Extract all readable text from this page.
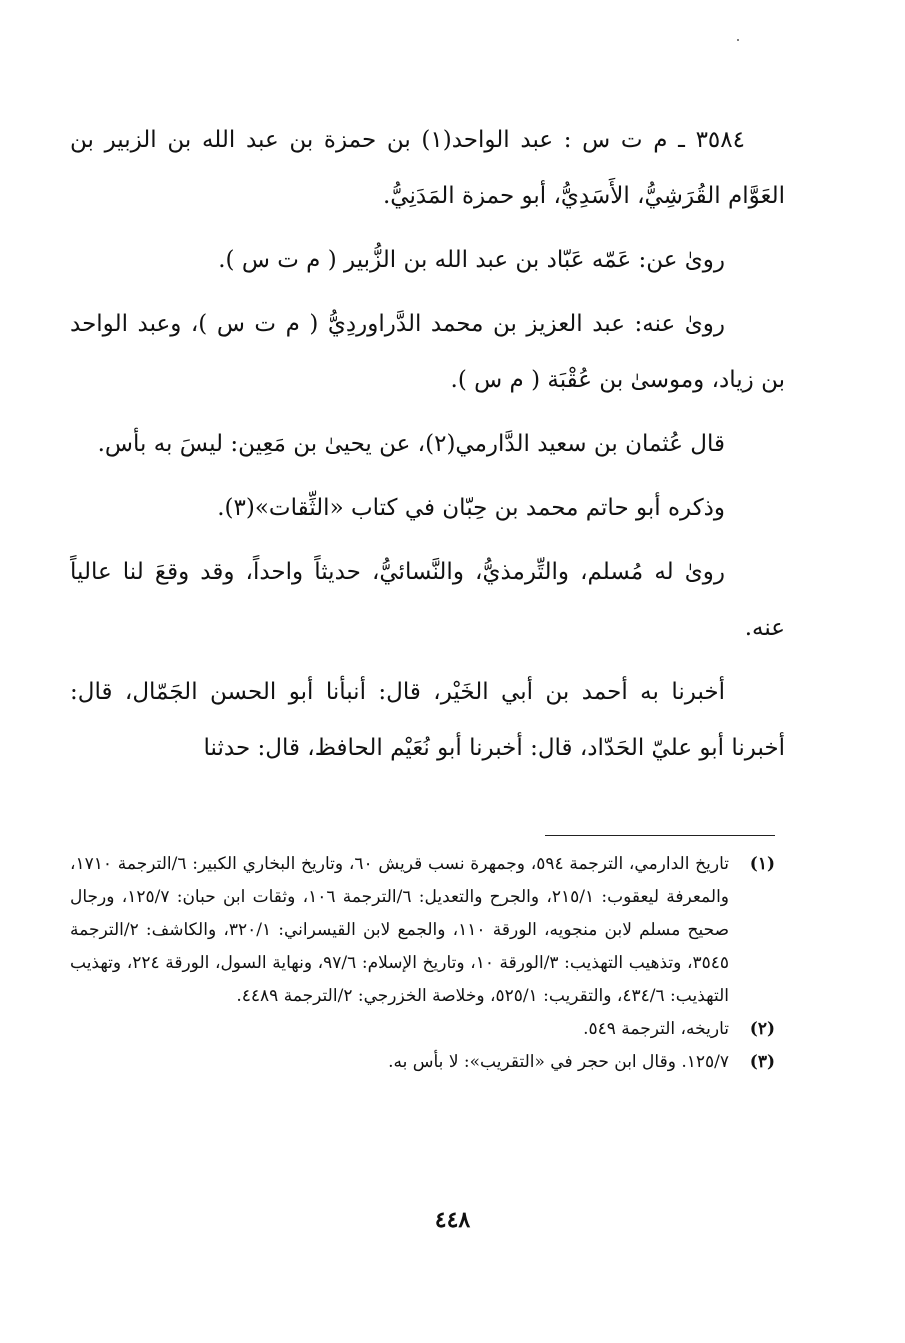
٣٥٨٤ ـ م ت س : عبد الواحد(١) بن حمزة بن عبد الله بن الزبير بن العَوَّام القُرَشِيُّ، الأَسَدِيُّ، أبو حمزة المَدَنِيُّ.

روىٰ عن: عَمّه عَبّاد بن عبد الله بن الزُّبير ( م ت س ).

روىٰ عنه: عبد العزيز بن محمد الدَّراوردِيُّ ( م ت س )، وعبد الواحد بن زياد، وموسىٰ بن عُقْبَة ( م س ).

قال عُثمان بن سعيد الدَّارمي(٢)، عن يحيىٰ بن مَعِين: ليسَ به بأس.

وذكره أبو حاتم محمد بن حِبّان في كتاب «الثِّقات»(٣).

روىٰ له مُسلم، والتِّرمذيُّ، والنَّسائيُّ، حديثاً واحداً، وقد وقعَ لنا عالياً عنه.

أخبرنا به أحمد بن أبي الخَيْر، قال: أنبأنا أبو الحسن الجَمّال، قال: أخبرنا أبو عليّ الحَدّاد، قال: أخبرنا أبو نُعَيْم الحافظ، قال: حدثنا

(١)
تاريخ الدارمي، الترجمة ٥٩٤، وجمهرة نسب قريش ٦٠، وتاريخ البخاري الكبير: ٦/الترجمة ١٧١٠، والمعرفة ليعقوب: ٢١٥/١، والجرح والتعديل: ٦/الترجمة ١٠٦، وثقات ابن حبان: ١٢٥/٧، ورجال صحيح مسلم لابن منجويه، الورقة ١١٠، والجمع لابن القيسراني: ٣٢٠/١، والكاشف: ٢/الترجمة ٣٥٤٥، وتذهيب التهذيب: ٣/الورقة ١٠، وتاريخ الإسلام: ٩٧/٦، ونهاية السول، الورقة ٢٢٤، وتهذيب التهذيب: ٤٣٤/٦، والتقريب: ٥٢٥/١، وخلاصة الخزرجي: ٢/الترجمة ٤٤٨٩.
(٢)
تاريخه، الترجمة ٥٤٩.
(٣)
١٢٥/٧. وقال ابن حجر في «التقريب»: لا بأس به.
٤٤٨
